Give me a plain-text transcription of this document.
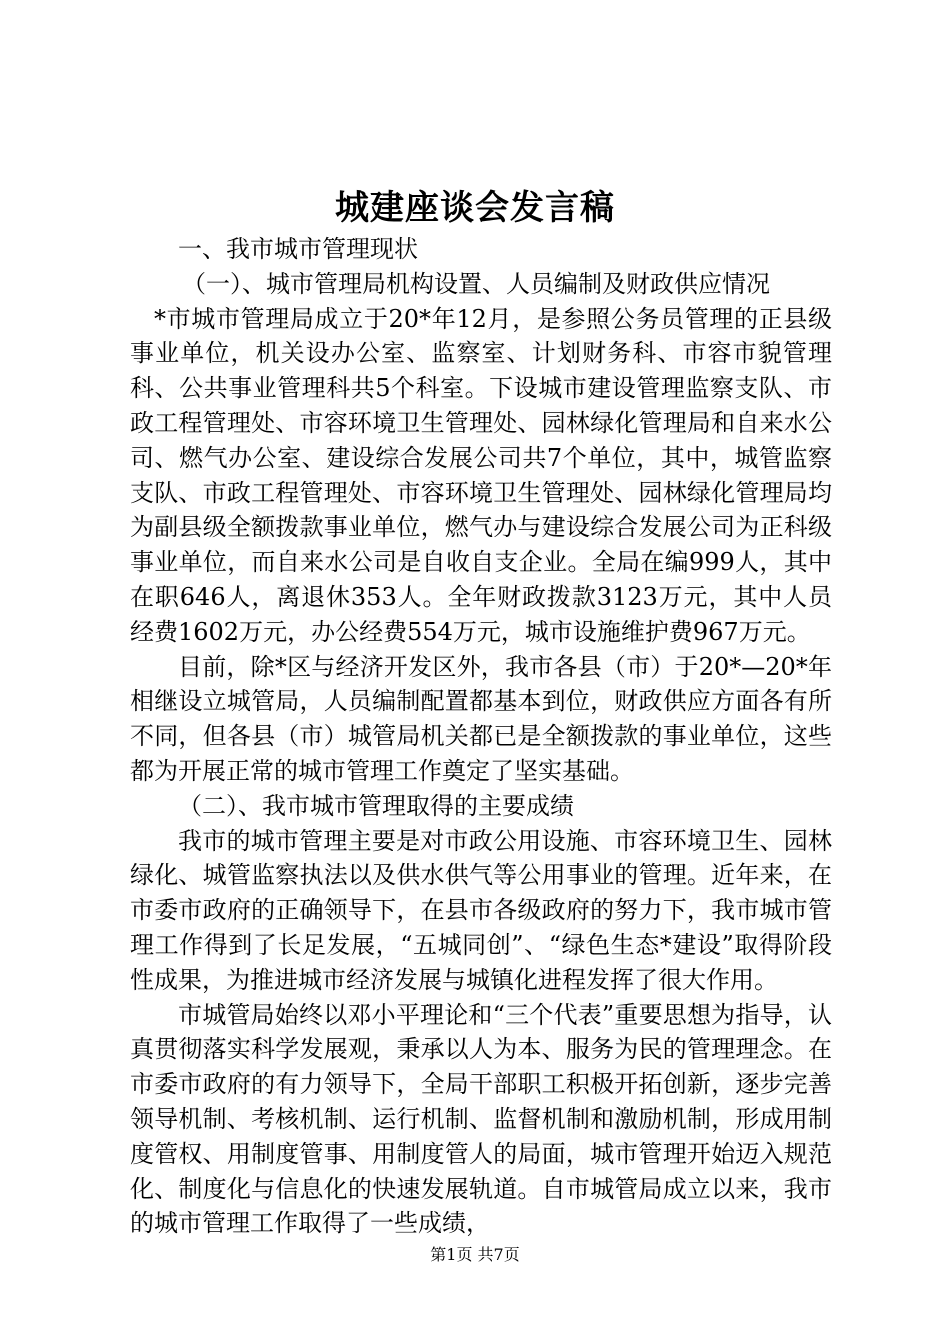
城建座谈会发言稿

一、我市城市管理现状

（一）、城市管理局机构设置、人员编制及财政供应情况

*市城市管理局成立于20*年12月，是参照公务员管理的正县级事业单位，机关设办公室、监察室、计划财务科、市容市貌管理科、公共事业管理科共5个科室。下设城市建设管理监察支队、市政工程管理处、市容环境卫生管理处、园林绿化管理局和自来水公司、燃气办公室、建设综合发展公司共7个单位，其中，城管监察支队、市政工程管理处、市容环境卫生管理处、园林绿化管理局均为副县级全额拨款事业单位，燃气办与建设综合发展公司为正科级事业单位，而自来水公司是自收自支企业。全局在编999人，其中在职646人，离退休353人。全年财政拨款3123万元，其中人员经费1602万元，办公经费554万元，城市设施维护费967万元。

目前，除*区与经济开发区外，我市各县（市）于20*—20*年相继设立城管局，人员编制配置都基本到位，财政供应方面各有所不同，但各县（市）城管局机关都已是全额拨款的事业单位，这些都为开展正常的城市管理工作奠定了坚实基础。

（二）、我市城市管理取得的主要成绩

我市的城市管理主要是对市政公用设施、市容环境卫生、园林绿化、城管监察执法以及供水供气等公用事业的管理。近年来，在市委市政府的正确领导下，在县市各级政府的努力下，我市城市管理工作得到了长足发展，“五城同创”、“绿色生态*建设”取得阶段性成果，为推进城市经济发展与城镇化进程发挥了很大作用。

市城管局始终以邓小平理论和“三个代表”重要思想为指导，认真贯彻落实科学发展观，秉承以人为本、服务为民的管理理念。在市委市政府的有力领导下，全局干部职工积极开拓创新，逐步完善领导机制、考核机制、运行机制、监督机制和激励机制，形成用制度管权、用制度管事、用制度管人的局面，城市管理开始迈入规范化、制度化与信息化的快速发展轨道。自市城管局成立以来，我市的城市管理工作取得了一些成绩，

第1页 共7页
